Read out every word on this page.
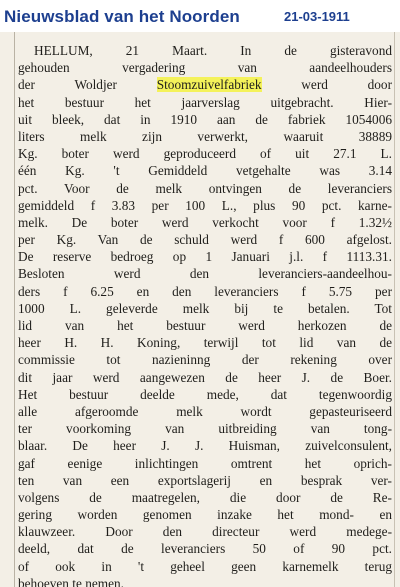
Nieuwsblad van het Noorden	21-03-1911
HELLUM, 21 Maart. In de gisteravond
gehouden vergadering van aandeelhouders
der Woldjer Stoomzuivelfabriek werd door
het bestuur het jaarverslag uitgebracht. Hier-
uit bleek, dat in 1910 aan de fabriek 1054006
liters melk zijn verwerkt, waaruit 38889
Kg. boter werd geproduceerd of uit 27.1 L.
één Kg. 't Gemiddeld vetgehalte was 3.14
pct. Voor de melk ontvingen de leveranciers
gemiddeld f 3.83 per 100 L., plus 90 pct. karne-
melk. De boter werd verkocht voor f 1.32½
per Kg. Van de schuld werd f 600 afgelost.
De reserve bedroeg op 1 Januari j.l. f 1113.31.
Besloten werd den leveranciers-aandeelhou-
ders f 6.25 en den leveranciers f 5.75 per
1000 L. geleverde melk bij te betalen. Tot
lid van het bestuur werd herkozen de
heer H. H. Koning, terwijl tot lid van de
commissie tot nazieninng der rekening over
dit jaar werd aangewezen de heer J. de Boer.
Het bestuur deelde mede, dat tegenwoordig
alle afgeroomde melk wordt gepasteuriseerd
ter voorkoming van uitbreiding van tong-
blaar. De heer J. J. Huisman, zuivelconsulent,
gaf eenige inlichtingen omtrent het oprich-
ten van een exportslagerij en besprak ver-
volgens de maatregelen, die door de Re-
gering worden genomen inzake het mond- en
klauwzeer. Door den directeur werd medege-
deeld, dat de leveranciers 50 of 90 pct.
of ook in 't geheel geen karnemelk terug
behoeven te nemen.
